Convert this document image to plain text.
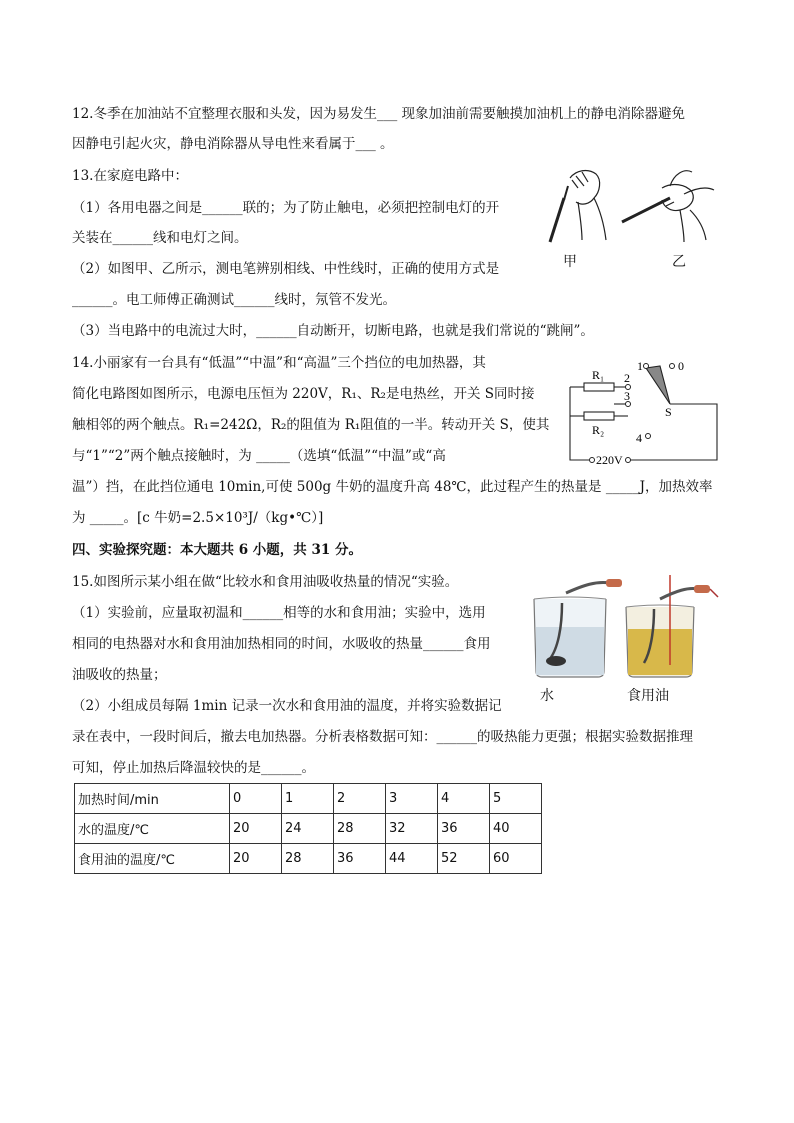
12.冬季在加油站不宜整理衣服和头发，因为易发生___ 现象加油前需要触摸加油机上的静电消除器避免
因静电引起火灾，静电消除器从导电性来看属于___ 。
13.在家庭电路中：
（1）各用电器之间是______联的；为了防止触电，必须把控制电灯的开
关装在______线和电灯之间。
（2）如图甲、乙所示，测电笔辨别相线、中性线时，正确的使用方式是
______。电工师傅正确测试______线时，氖管不发光。
（3）当电路中的电流过大时，______自动断开，切断电路，也就是我们常说的“跳闸”。
甲	乙
14.小丽家有一台具有“低温”“中温”和“高温”三个挡位的电加热器，其
简化电路图如图所示，电源电压恒为 220V，R₁、R₂是电热丝，开关 S同时接
触相邻的两个触点。R₁=242Ω，R₂的阻值为 R₁阻值的一半。转动开关 S，使其
与“1”“2”两个触点接触时，为 _____（选填“低温”“中温”或“高
温”）挡，在此挡位通电 10min,可使 500g 牛奶的温度升高 48℃，此过程产生的热量是 _____J，加热效率
为 _____。[c 牛奶=2.5×10³J/（kg•℃）]
R₁
R₂
1	0
2
3
4
S
220V
四、实验探究题：本大题共 6 小题，共 31 分。
15.如图所示某小组在做“比较水和食用油吸收热量的情况“实验。
（1）实验前，应量取初温和______相等的水和食用油；实验中，选用
相同的电热器对水和食用油加热相同的时间，水吸收的热量______食用
油吸收的热量；
（2）小组成员每隔 1min 记录一次水和食用油的温度，并将实验数据记
录在表中，一段时间后，撤去电加热器。分析表格数据可知：______的吸热能力更强；根据实验数据推理
可知，停止加热后降温较快的是______。
水	食用油
加热时间/min	0	1	2	3	4	5
水的温度/℃	20	24	28	32	36	40
食用油的温度/℃	20	28	36	44	52	60
